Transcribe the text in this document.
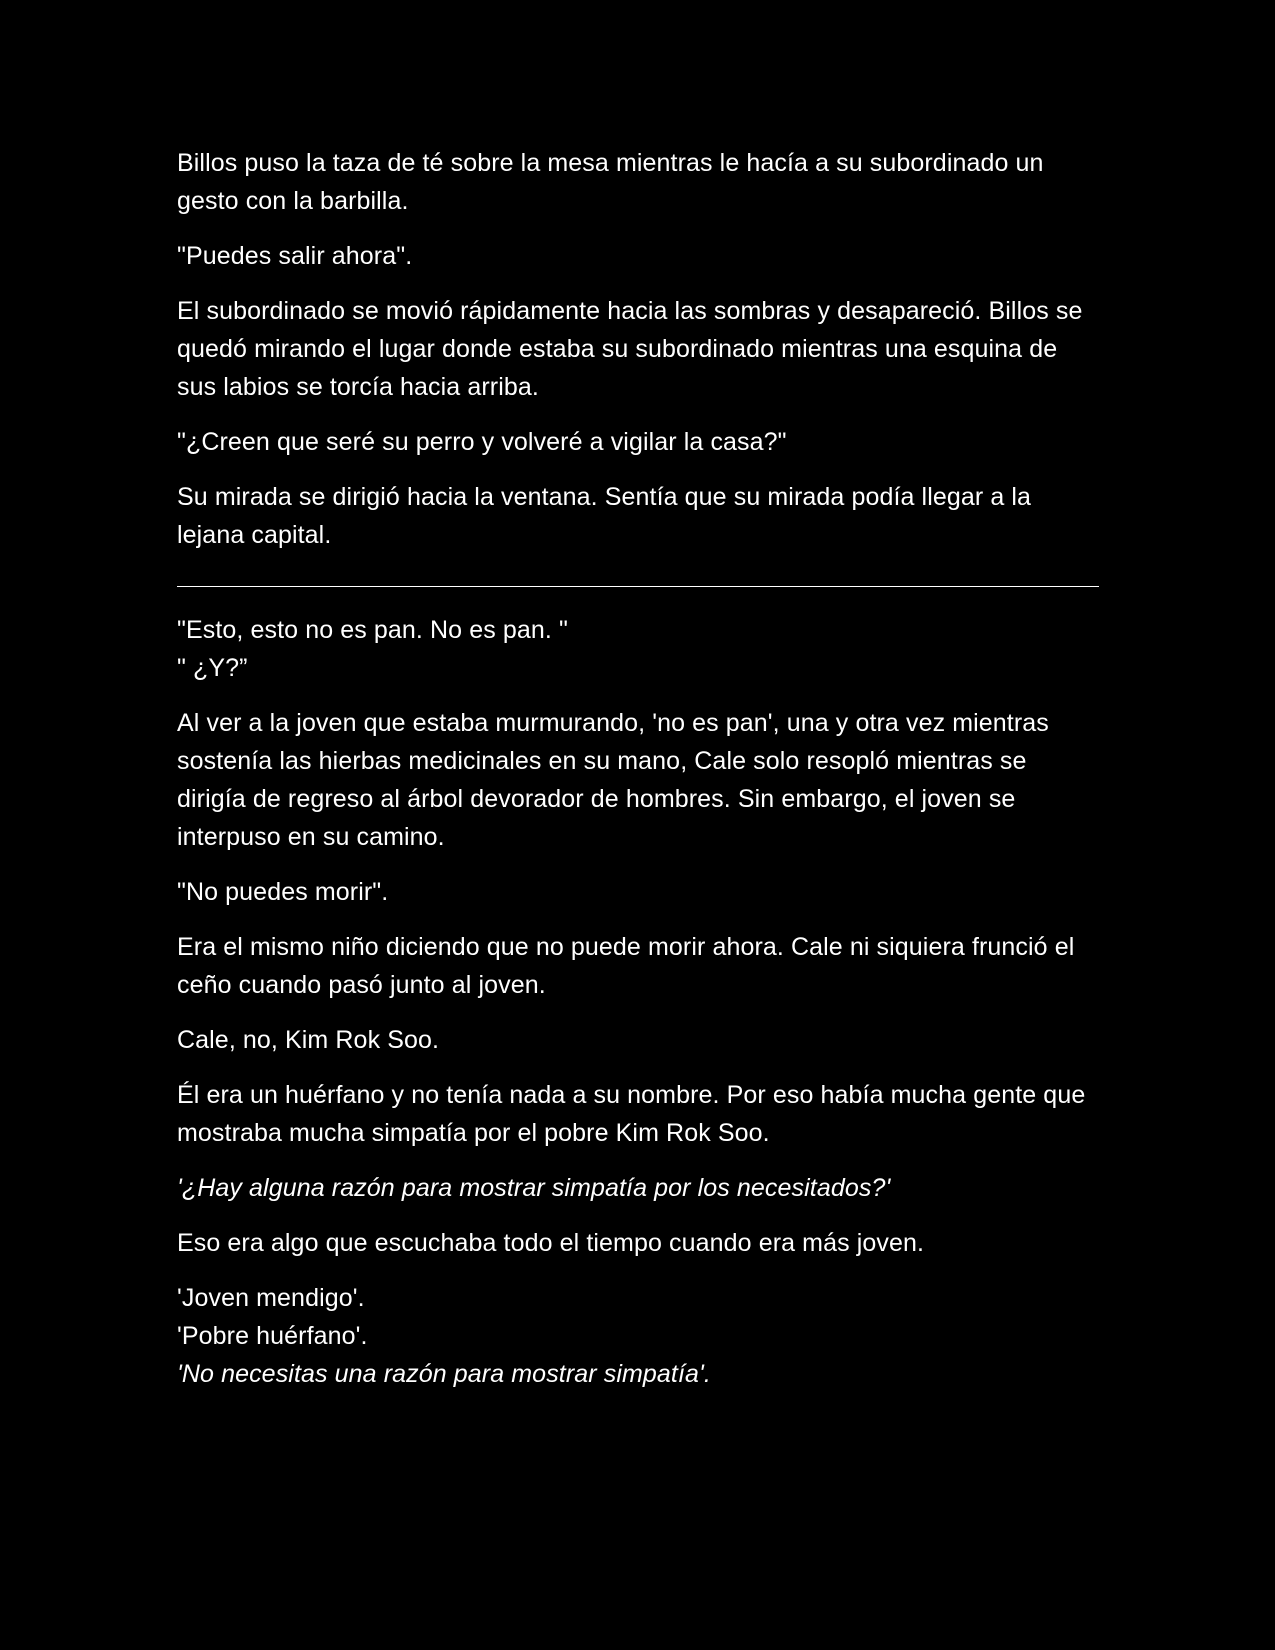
Billos puso la taza de té sobre la mesa mientras le hacía a su subordinado un gesto con la barbilla.

"Puedes salir ahora".

El subordinado se movió rápidamente hacia las sombras y desapareció. Billos se quedó mirando el lugar donde estaba su subordinado mientras una esquina de sus labios se torcía hacia arriba.

"¿Creen que seré su perro y volveré a vigilar la casa?"

Su mirada se dirigió hacia la ventana. Sentía que su mirada podía llegar a la lejana capital.

"Esto, esto no es pan. No es pan. "

" ¿Y?”

Al ver a la joven que estaba murmurando, 'no es pan', una y otra vez mientras sostenía las hierbas medicinales en su mano, Cale solo resopló mientras se dirigía de regreso al árbol devorador de hombres. Sin embargo, el joven se interpuso en su camino.

"No puedes morir".

Era el mismo niño diciendo que no puede morir ahora. Cale ni siquiera frunció el ceño cuando pasó junto al joven.

Cale, no, Kim Rok Soo.

Él era un huérfano y no tenía nada a su nombre. Por eso había mucha gente que mostraba mucha simpatía por el pobre Kim Rok Soo.

'¿Hay alguna razón para mostrar simpatía por los necesitados?'

Eso era algo que escuchaba todo el tiempo cuando era más joven.

'Joven mendigo'.

'Pobre huérfano'.

'No necesitas una razón para mostrar simpatía'.
